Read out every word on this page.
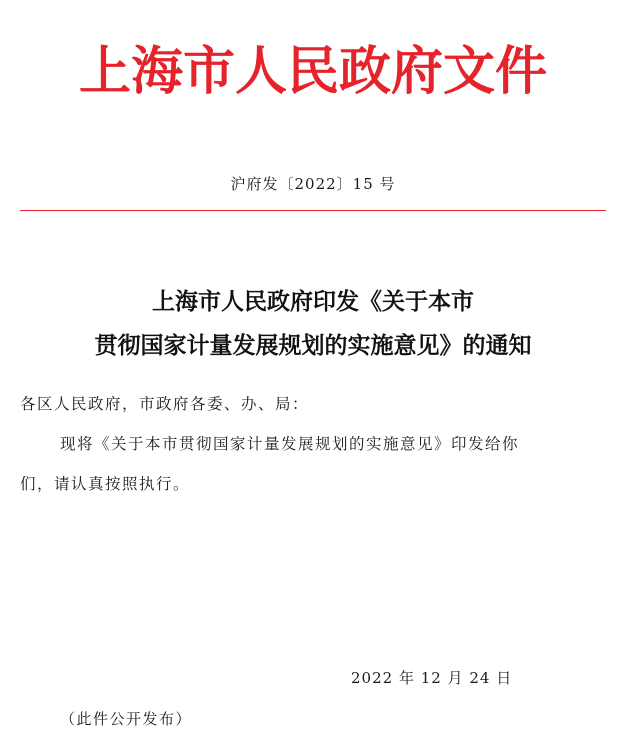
上海市人民政府文件
沪府发〔2022〕15 号
上海市人民政府印发《关于本市
贯彻国家计量发展规划的实施意见》的通知
各区人民政府，市政府各委、办、局：
现将《关于本市贯彻国家计量发展规划的实施意见》印发给你
们，请认真按照执行。
2022 年 12 月 24 日
（此件公开发布）
